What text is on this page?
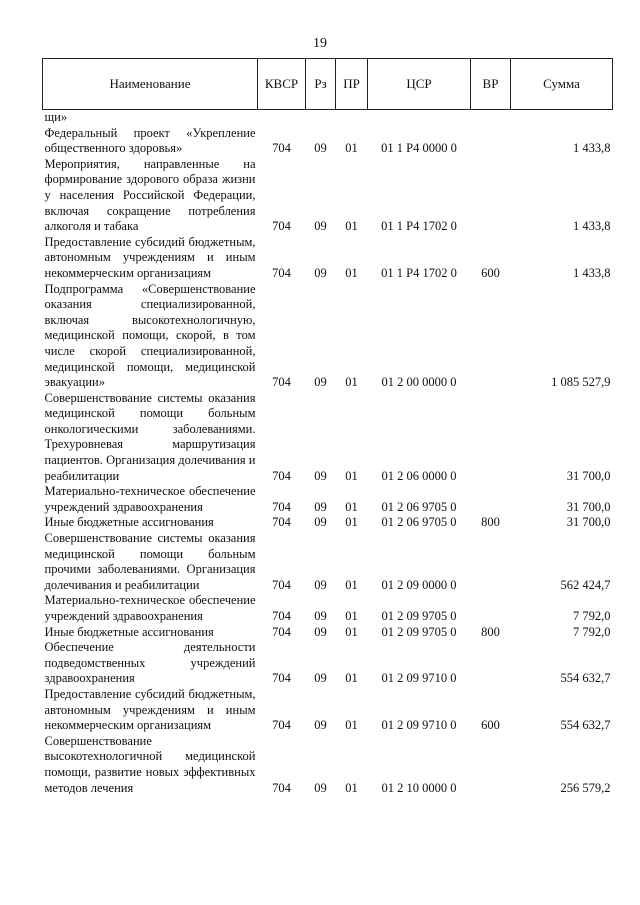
19
Наименование	КВСР	Рз	ПР	ЦСР	ВР	Сумма
щи»						
Федеральный проект «Укрепление общественного здоровья»	704	09	01	01 1 Р4 0000 0		1 433,8
Мероприятия, направленные на формирование здорового образа жизни у населения Российской Федерации, включая сокращение потребления алкоголя и табака	704	09	01	01 1 Р4 1702 0		1 433,8
Предоставление субсидий бюджетным, автономным учреждениям и иным некоммерческим организациям	704	09	01	01 1 Р4 1702 0	600	1 433,8
Подпрограмма «Совершенствование оказания специализированной, включая высокотехнологичную, медицинской помощи, скорой, в том числе скорой специализированной, медицинской помощи, медицинской эвакуации»	704	09	01	01 2 00 0000 0		1 085 527,9
Совершенствование системы оказания медицинской помощи больным онкологическими заболеваниями. Трехуровневая маршрутизация пациентов. Организация долечивания и реабилитации	704	09	01	01 2 06 0000 0		31 700,0
Материально-техническое обеспечение учреждений здравоохранения	704	09	01	01 2 06 9705 0		31 700,0
Иные бюджетные ассигнования	704	09	01	01 2 06 9705 0	800	31 700,0
Совершенствование системы оказания медицинской помощи больным прочими заболеваниями. Организация долечивания и реабилитации	704	09	01	01 2 09 0000 0		562 424,7
Материально-техническое обеспечение учреждений здравоохранения	704	09	01	01 2 09 9705 0		7 792,0
Иные бюджетные ассигнования	704	09	01	01 2 09 9705 0	800	7 792,0
Обеспечение деятельности подведомственных учреждений здравоохранения	704	09	01	01 2 09 9710 0		554 632,7
Предоставление субсидий бюджетным, автономным учреждениям и иным некоммерческим организациям	704	09	01	01 2 09 9710 0	600	554 632,7
Совершенствование высокотехнологичной медицинской помощи, развитие новых эффективных методов лечения	704	09	01	01 2 10 0000 0		256 579,2
